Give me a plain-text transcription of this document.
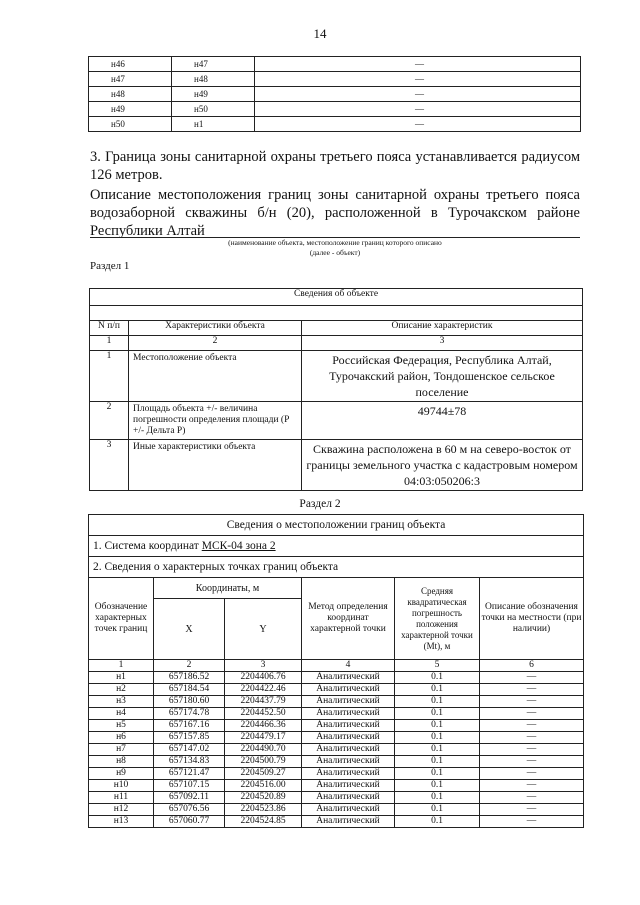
14
н46	н47	—
н47	н48	—
н48	н49	—
н49	н50	—
н50	н1	—
3. Граница зоны санитарной охраны третьего пояса устанавливается радиусом 126 метров.
Описание местоположения границ зоны санитарной охраны третьего пояса водозаборной скважины б/н (20), расположенной в Турочакском районе Республики Алтай
(наименование объекта, местоположение границ которого описано
(далее - объект)
Раздел 1
Сведения об объекте		

N п/п	Характеристики объекта	Описание характеристик
1	2	3
1	Местоположение объекта	Российская Федерация, Республика Алтай, Турочакский район, Тондошенское сельское поселение
2	Площадь объекта +/- величина погрешности определения площади (Р +/- Дельта Р)	49744±78
3	Иные характеристики объекта	Скважина расположена в 60 м на северо-восток от границы земельного участка с кадастровым номером 04:03:050206:3
Раздел 2
Сведения о местоположении границ объекта					
1. Система координат МСК-04 зона 2					
2. Сведения о характерных точках границ объекта					
Обозначение характерных точек границ	Координаты, м		Метод определения координат характерной точки	Средняя квадратическая погрешность положения характерной точки (Mt), м	Описание обозначения точки на местности (при наличии)
	X	Y			
1	2	3	4	5	6
н1	657186.52	2204406.76	Аналитический	0.1	—
н2	657184.54	2204422.46	Аналитический	0.1	—
н3	657180.60	2204437.79	Аналитический	0.1	—
н4	657174.78	2204452.50	Аналитический	0.1	—
н5	657167.16	2204466.36	Аналитический	0.1	—
н6	657157.85	2204479.17	Аналитический	0.1	—
н7	657147.02	2204490.70	Аналитический	0.1	—
н8	657134.83	2204500.79	Аналитический	0.1	—
н9	657121.47	2204509.27	Аналитический	0.1	—
н10	657107.15	2204516.00	Аналитический	0.1	—
н11	657092.11	2204520.89	Аналитический	0.1	—
н12	657076.56	2204523.86	Аналитический	0.1	—
н13	657060.77	2204524.85	Аналитический	0.1	—
